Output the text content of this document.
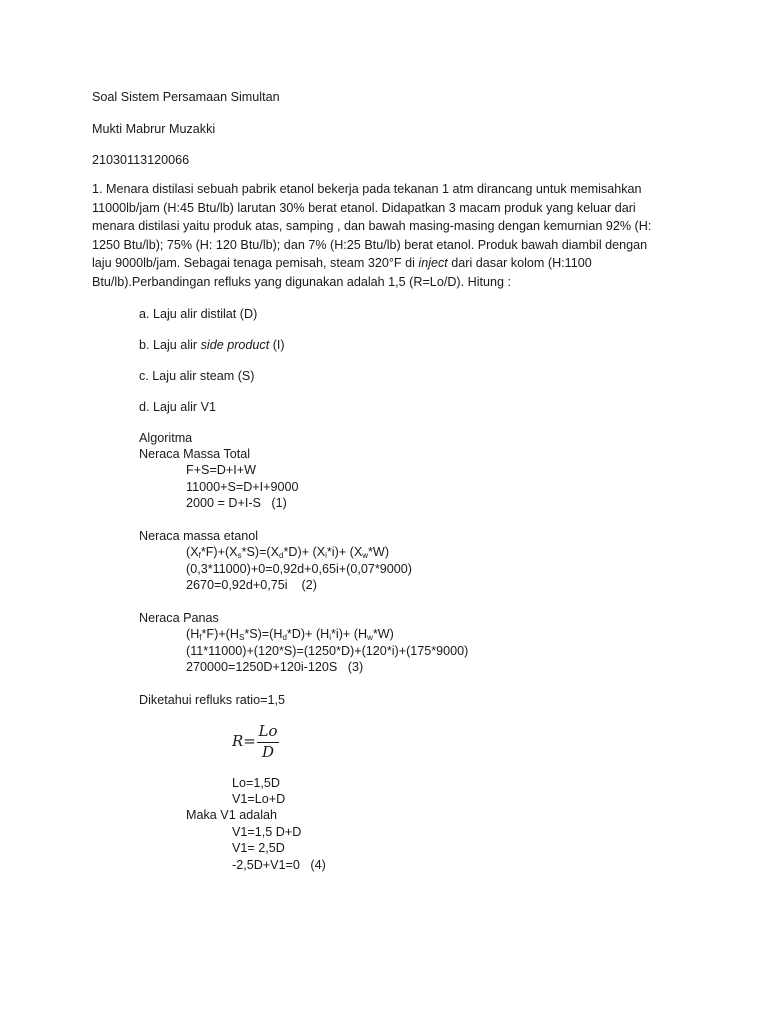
Soal Sistem Persamaan Simultan
Mukti Mabrur Muzakki
21030113120066
1. Menara distilasi sebuah pabrik etanol bekerja pada tekanan 1 atm dirancang untuk memisahkan
11000lb/jam (H:45 Btu/lb) larutan 30% berat etanol. Didapatkan 3 macam produk yang keluar dari
menara distilasi yaitu produk atas, samping , dan bawah masing-masing dengan kemurnian 92% (H:
1250 Btu/lb); 75% (H: 120 Btu/lb); dan 7% (H:25 Btu/lb) berat etanol. Produk bawah diambil dengan
laju 9000lb/jam. Sebagai tenaga pemisah, steam 320°F di inject dari dasar kolom (H:1100
Btu/lb).Perbandingan refluks yang digunakan adalah 1,5 (R=Lo/D). Hitung :
a. Laju alir distilat (D)
b. Laju alir side product (I)
c. Laju alir steam (S)
d. Laju alir V1
Algoritma
Neraca Massa Total
F+S=D+I+W
11000+S=D+I+9000
2000 = D+I-S   (1)
Neraca massa etanol
$(X_f*F)+(X_s*S)=(X_d*D)+ (X_i*i)+ (X_w*W)$
(0,3*11000)+0=0,92d+0,65i+(0,07*9000)
2670=0,92d+0,75i    (2)
Neraca Panas
$(H_f*F)+(H_S*S)=(H_d*D)+ (H_i*i)+ (H_w*W)$
(11*11000)+(120*S)=(1250*D)+(120*i)+(175*9000)
270000=1250D+120i-120S   (3)
Diketahui refluks ratio=1,5
R=
Lo
D
Lo=1,5D
V1=Lo+D
Maka V1 adalah
V1=1,5 D+D
V1= 2,5D
-2,5D+V1=0   (4)
